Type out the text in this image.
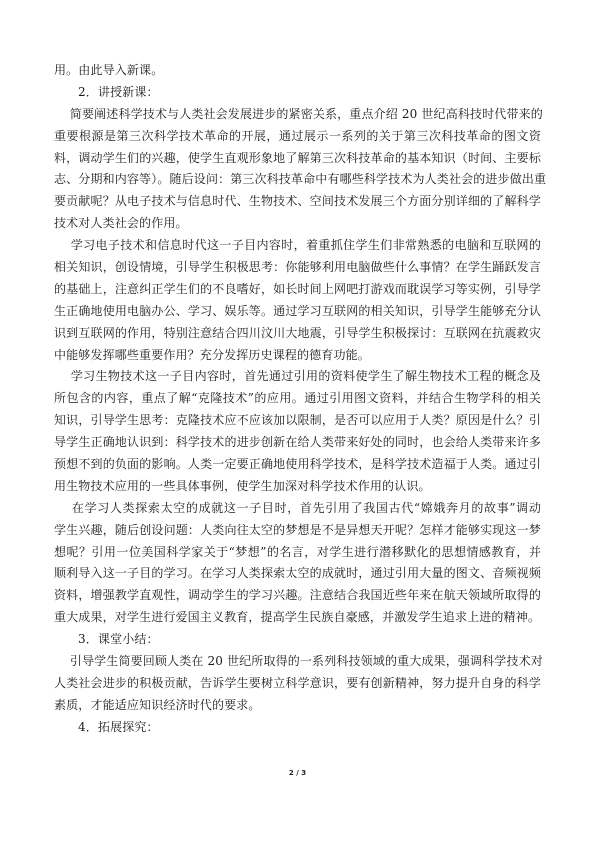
用。由此导入新课。
2．讲授新课：
简要阐述科学技术与人类社会发展进步的紧密关系，重点介绍 20 世纪高科技时代带来的
重要根源是第三次科学技术革命的开展，通过展示一系列的关于第三次科技革命的图文资
料，调动学生们的兴趣，使学生直观形象地了解第三次科技革命的基本知识（时间、主要标
志、分期和内容等）。随后设问：第三次科技革命中有哪些科学技术为人类社会的进步做出重
要贡献呢？从电子技术与信息时代、生物技术、空间技术发展三个方面分别详细的了解科学
技术对人类社会的作用。
学习电子技术和信息时代这一子目内容时，着重抓住学生们非常熟悉的电脑和互联网的
相关知识，创设情境，引导学生积极思考：你能够利用电脑做些什么事情？在学生踊跃发言
的基础上，注意纠正学生们的不良嗜好，如长时间上网吧打游戏而耽误学习等实例，引导学
生正确地使用电脑办公、学习、娱乐等。通过学习互联网的相关知识，引导学生能够充分认
识到互联网的作用，特别注意结合四川汶川大地震，引导学生积极探讨：互联网在抗震救灾
中能够发挥哪些重要作用？充分发挥历史课程的德育功能。
学习生物技术这一子目内容时，首先通过引用的资料使学生了解生物技术工程的概念及
所包含的内容，重点了解“克隆技术”的应用。通过引用图文资料，并结合生物学科的相关
知识，引导学生思考：克隆技术应不应该加以限制，是否可以应用于人类？原因是什么？引
导学生正确地认识到：科学技术的进步创新在给人类带来好处的同时，也会给人类带来许多
预想不到的负面的影响。人类一定要正确地使用科学技术，是科学技术造福于人类。通过引
用生物技术应用的一些具体事例，使学生加深对科学技术作用的认识。
在学习人类探索太空的成就这一子目时，首先引用了我国古代“嫦娥奔月的故事”调动
学生兴趣，随后创设问题：人类向往太空的梦想是不是异想天开呢？怎样才能够实现这一梦
想呢？引用一位美国科学家关于“梦想”的名言，对学生进行潜移默化的思想情感教育，并
顺利导入这一子目的学习。在学习人类探索太空的成就时，通过引用大量的图文、音频视频
资料，增强教学直观性，调动学生的学习兴趣。注意结合我国近些年来在航天领域所取得的
重大成果，对学生进行爱国主义教育，提高学生民族自豪感，并激发学生追求上进的精神。
3．课堂小结：
引导学生简要回顾人类在 20 世纪所取得的一系列科技领域的重大成果，强调科学技术对
人类社会进步的积极贡献，告诉学生要树立科学意识，要有创新精神，努力提升自身的科学
素质，才能适应知识经济时代的要求。
4．拓展探究：
2 / 3
